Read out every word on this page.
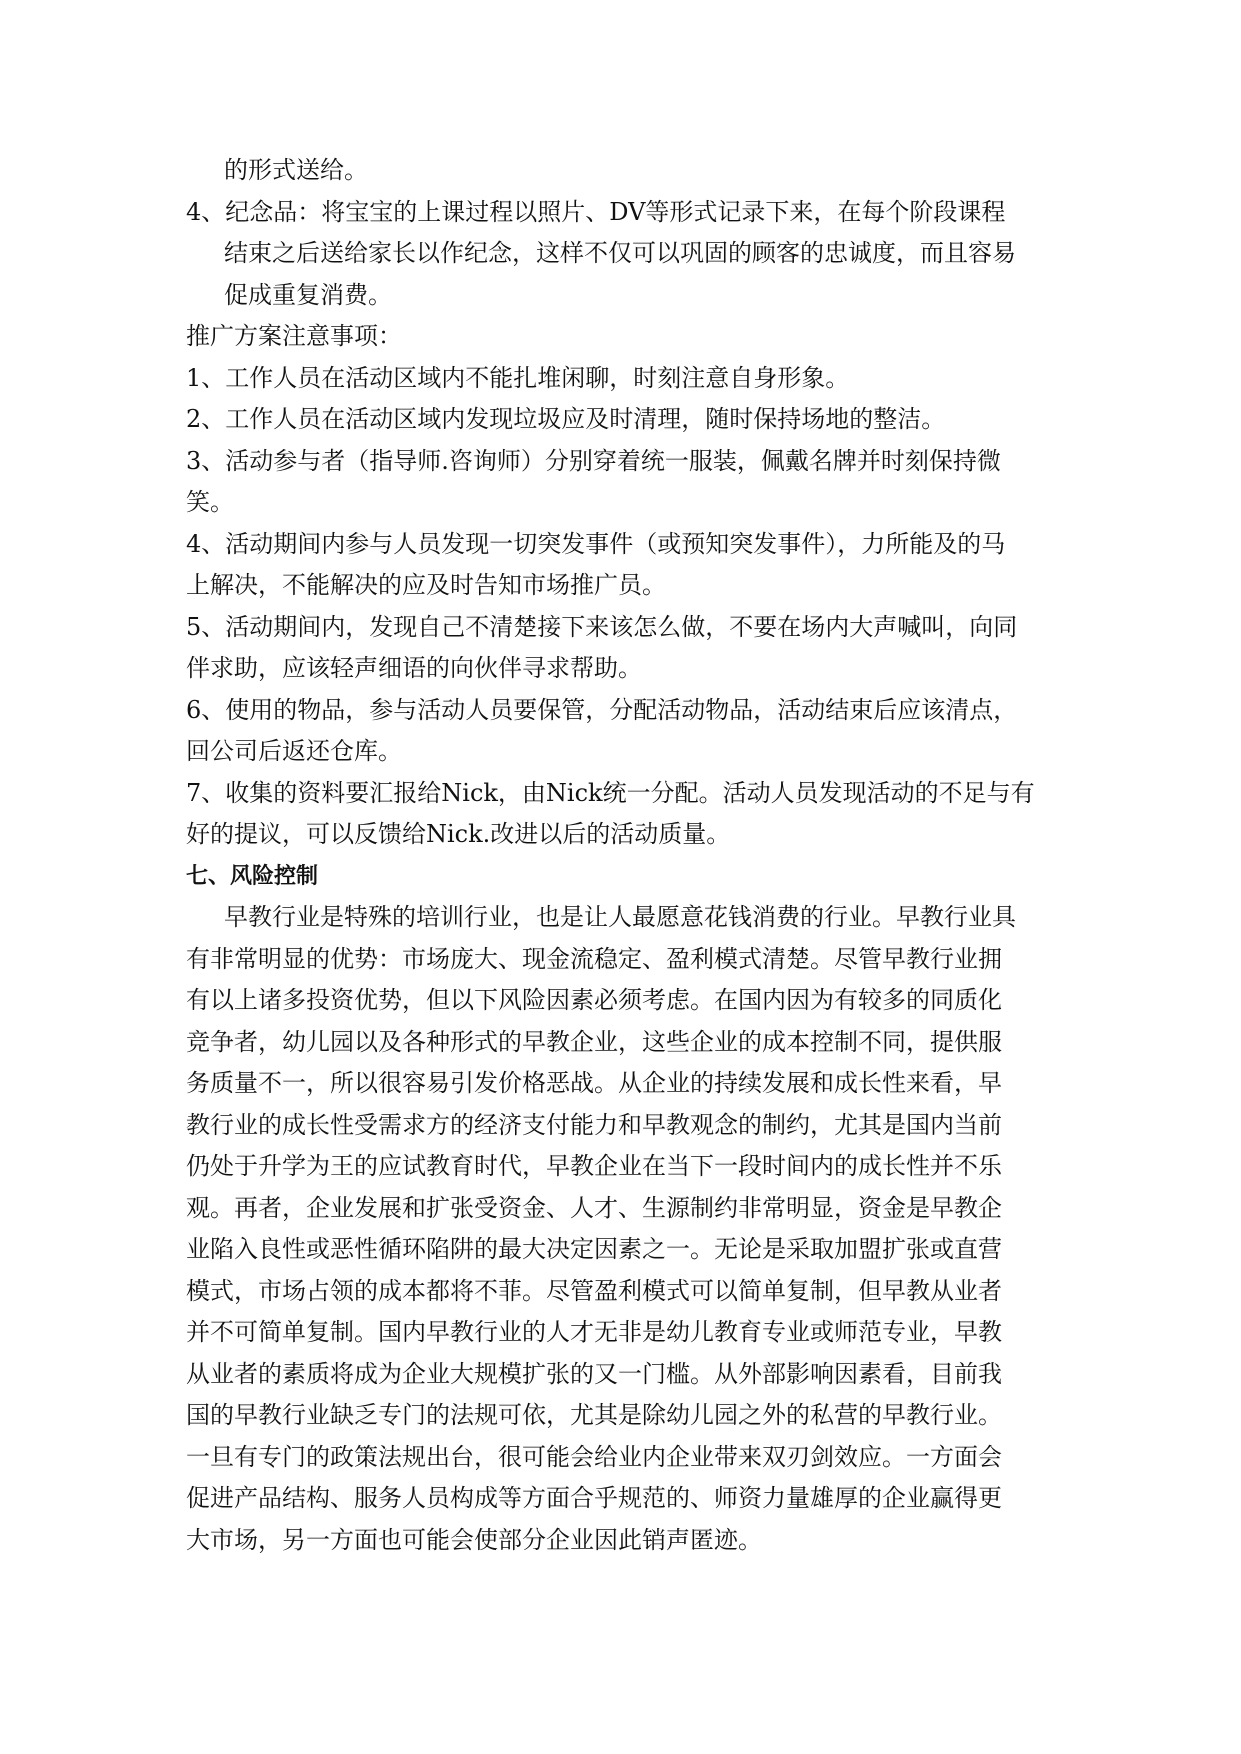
的形式送给。
4、纪念品：将宝宝的上课过程以照片、DV等形式记录下来，在每个阶段课程
结束之后送给家长以作纪念，这样不仅可以巩固的顾客的忠诚度，而且容易
促成重复消费。
推广方案注意事项：
1、工作人员在活动区域内不能扎堆闲聊，时刻注意自身形象。
2、工作人员在活动区域内发现垃圾应及时清理，随时保持场地的整洁。
3、活动参与者（指导师.咨询师）分别穿着统一服装，佩戴名牌并时刻保持微
笑。
4、活动期间内参与人员发现一切突发事件（或预知突发事件），力所能及的马
上解决，不能解决的应及时告知市场推广员。
5、活动期间内，发现自己不清楚接下来该怎么做，不要在场内大声喊叫，向同
伴求助，应该轻声细语的向伙伴寻求帮助。
6、使用的物品，参与活动人员要保管，分配活动物品，活动结束后应该清点，
回公司后返还仓库。
7、收集的资料要汇报给Nick，由Nick统一分配。活动人员发现活动的不足与有
好的提议，可以反馈给Nick.改进以后的活动质量。
七、风险控制
早教行业是特殊的培训行业，也是让人最愿意花钱消费的行业。早教行业具
有非常明显的优势：市场庞大、现金流稳定、盈利模式清楚。尽管早教行业拥
有以上诸多投资优势，但以下风险因素必须考虑。在国内因为有较多的同质化
竞争者，幼儿园以及各种形式的早教企业，这些企业的成本控制不同，提供服
务质量不一，所以很容易引发价格恶战。从企业的持续发展和成长性来看，早
教行业的成长性受需求方的经济支付能力和早教观念的制约，尤其是国内当前
仍处于升学为王的应试教育时代，早教企业在当下一段时间内的成长性并不乐
观。再者，企业发展和扩张受资金、人才、生源制约非常明显，资金是早教企
业陷入良性或恶性循环陷阱的最大决定因素之一。无论是采取加盟扩张或直营
模式，市场占领的成本都将不菲。尽管盈利模式可以简单复制，但早教从业者
并不可简单复制。国内早教行业的人才无非是幼儿教育专业或师范专业，早教
从业者的素质将成为企业大规模扩张的又一门槛。从外部影响因素看，目前我
国的早教行业缺乏专门的法规可依，尤其是除幼儿园之外的私营的早教行业。
一旦有专门的政策法规出台，很可能会给业内企业带来双刃剑效应。一方面会
促进产品结构、服务人员构成等方面合乎规范的、师资力量雄厚的企业赢得更
大市场，另一方面也可能会使部分企业因此销声匿迹。
